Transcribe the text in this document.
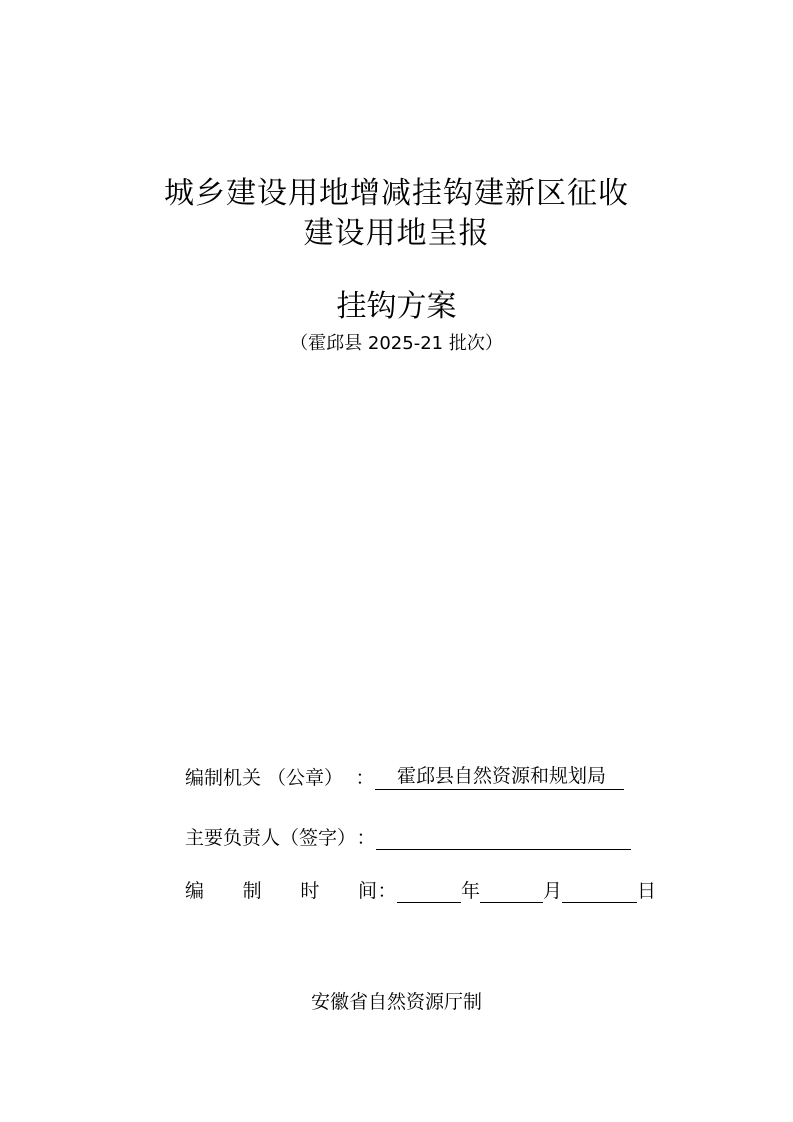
城乡建设用地增减挂钩建新区征收
建设用地呈报
挂钩方案
（霍邱县 2025-21 批次）
编制机关 （公章） ：	霍邱县自然资源和规划局
主要负责人（签字） ：
编 制 时 间 ：	年	月	日
安徽省自然资源厅制
